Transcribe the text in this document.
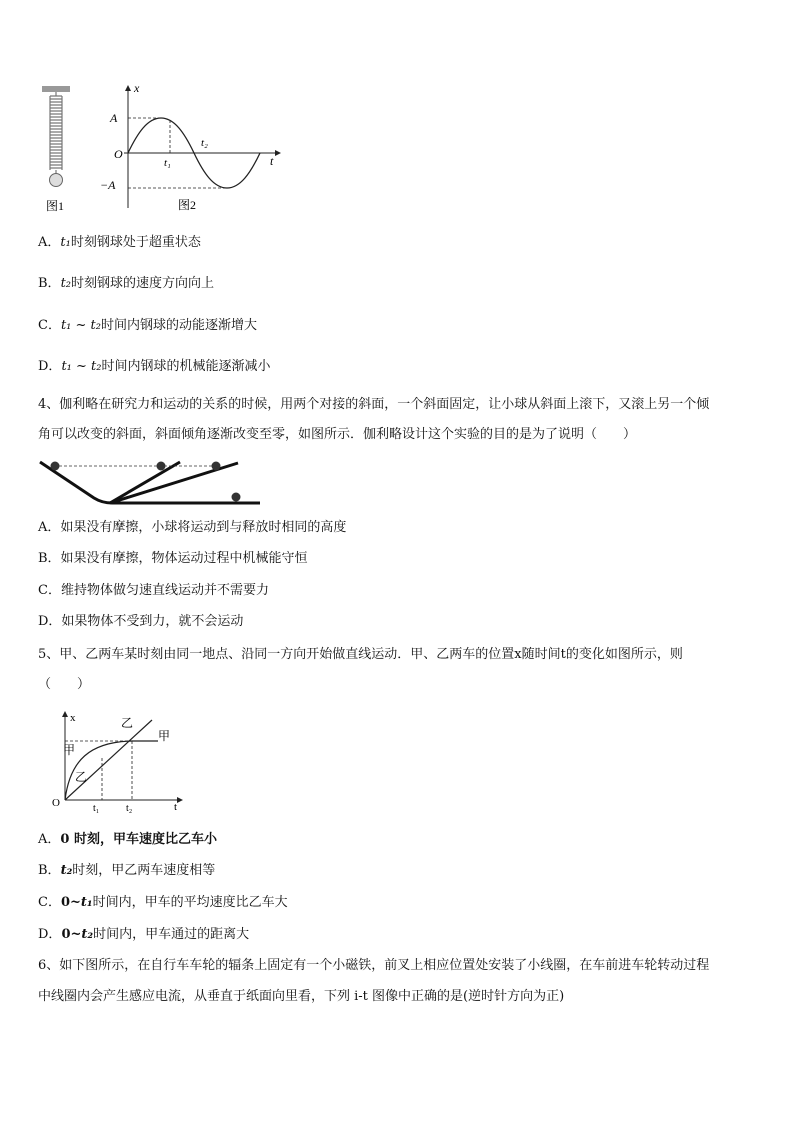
图1
x
t
O
A
−A
t₁
t₂
图2
A．t₁时刻钢球处于超重状态
B．t₂时刻钢球的速度方向向上
C．t₁ ~ t₂时间内钢球的动能逐渐增大
D．t₁ ~ t₂时间内钢球的机械能逐渐减小
4、伽利略在研究力和运动的关系的时候，用两个对接的斜面，一个斜面固定，让小球从斜面上滚下，又滚上另一个倾
角可以改变的斜面，斜面倾角逐渐改变至零，如图所示．伽利略设计这个实验的目的是为了说明（　　）
A．如果没有摩擦，小球将运动到与释放时相同的高度
B．如果没有摩擦，物体运动过程中机械能守恒
C．维持物体做匀速直线运动并不需要力
D．如果物体不受到力，就不会运动
5、甲、乙两车某时刻由同一地点、沿同一方向开始做直线运动．甲、乙两车的位置x随时间t的变化如图所示，则
（　　）
x
t
O
甲
甲
乙
乙
t₁	t₂
A．0 时刻，甲车速度比乙车小
B．t₂时刻，甲乙两车速度相等
C．0~t₁时间内，甲车的平均速度比乙车大
D．0~t₂时间内，甲车通过的距离大
6、如下图所示，在自行车车轮的辐条上固定有一个小磁铁，前叉上相应位置处安装了小线圈，在车前进车轮转动过程
中线圈内会产生感应电流，从垂直于纸面向里看，下列 i-t 图像中正确的是(逆时针方向为正)
